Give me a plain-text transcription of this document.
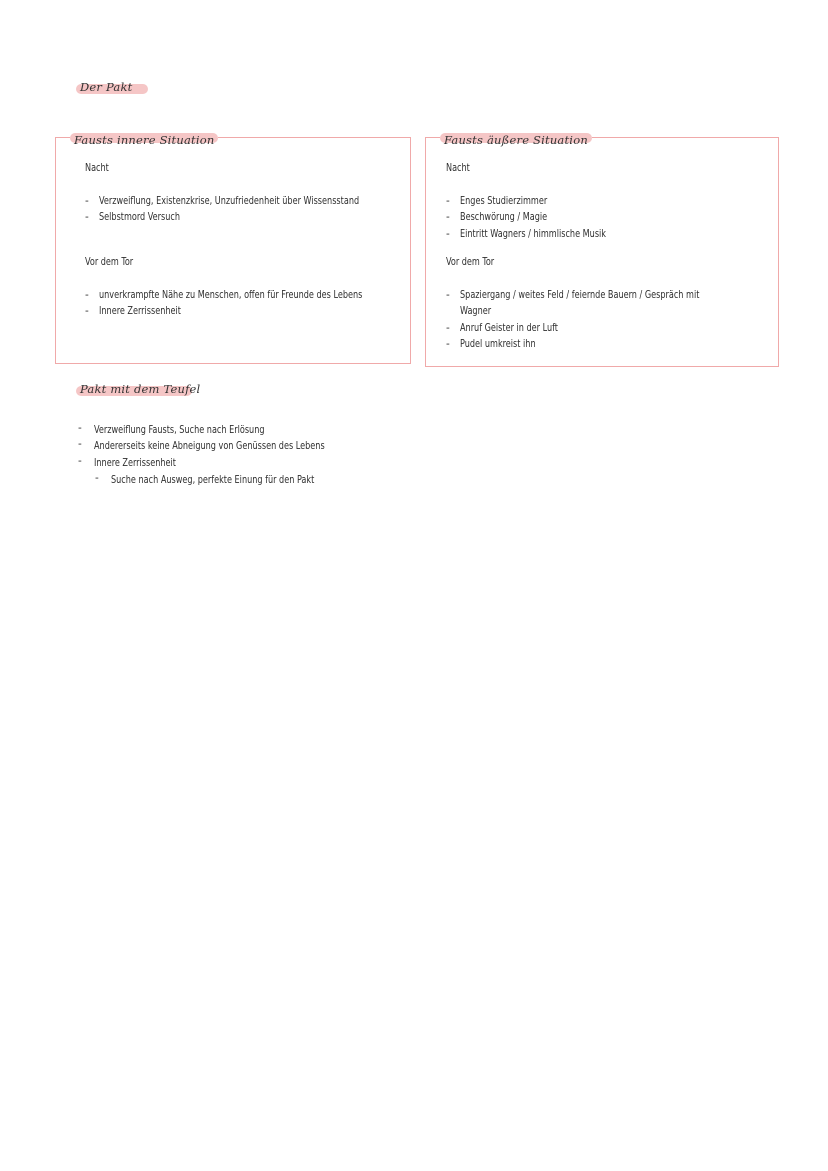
Der Pakt
Fausts innere Situation
Nacht
- Verzweiflung, Existenzkrise, Unzufriedenheit über Wissensstand
- Selbstmord Versuch
Vor dem Tor
- unverkrampfte Nähe zu Menschen, offen für Freunde des Lebens
- Innere Zerrissenheit
Fausts äußere Situation
Nacht
- Enges Studierzimmer
- Beschwörung / Magie
- Eintritt Wagners / himmlische Musik
Vor dem Tor
- Spaziergang / weites Feld / feiernde Bauern / Gespräch mit
Wagner
- Anruf Geister in der Luft
- Pudel umkreist ihn
Pakt mit dem Teufel
- Verzweiflung Fausts, Suche nach Erlösung
- Andererseits keine Abneigung von Genüssen des Lebens
- Innere Zerrissenheit
- Suche nach Ausweg, perfekte Einung für den Pakt
